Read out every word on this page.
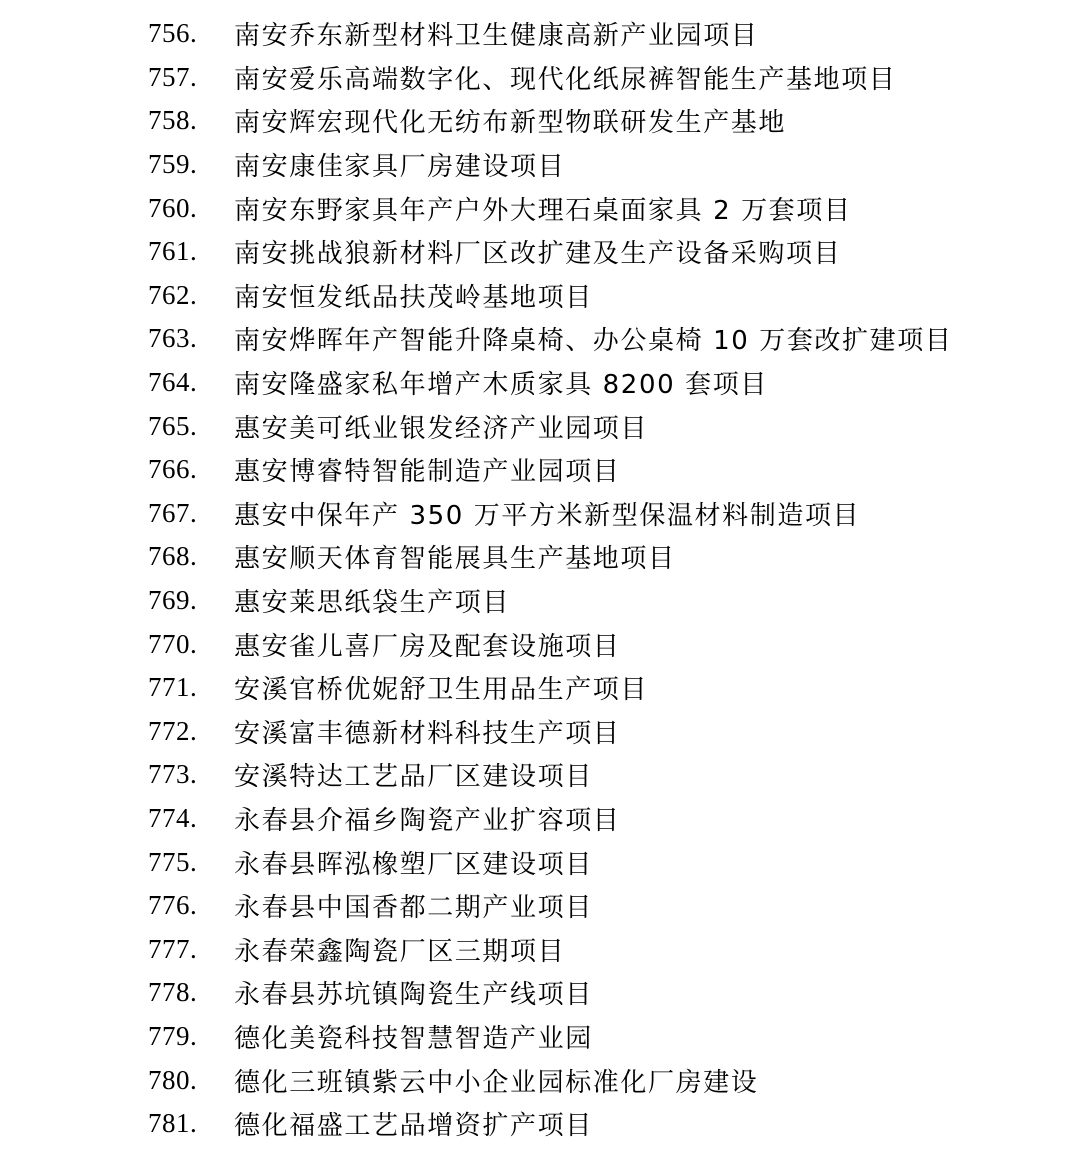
756.	南安乔东新型材料卫生健康高新产业园项目
757.	南安爱乐高端数字化、现代化纸尿裤智能生产基地项目
758.	南安辉宏现代化无纺布新型物联研发生产基地
759.	南安康佳家具厂房建设项目
760.	南安东野家具年产户外大理石桌面家具 2 万套项目
761.	南安挑战狼新材料厂区改扩建及生产设备采购项目
762.	南安恒发纸品扶茂岭基地项目
763.	南安烨晖年产智能升降桌椅、办公桌椅 10 万套改扩建项目
764.	南安隆盛家私年增产木质家具 8200 套项目
765.	惠安美可纸业银发经济产业园项目
766.	惠安博睿特智能制造产业园项目
767.	惠安中保年产 350 万平方米新型保温材料制造项目
768.	惠安顺天体育智能展具生产基地项目
769.	惠安莱思纸袋生产项目
770.	惠安雀儿喜厂房及配套设施项目
771.	安溪官桥优妮舒卫生用品生产项目
772.	安溪富丰德新材料科技生产项目
773.	安溪特达工艺品厂区建设项目
774.	永春县介福乡陶瓷产业扩容项目
775.	永春县晖泓橡塑厂区建设项目
776.	永春县中国香都二期产业项目
777.	永春荣鑫陶瓷厂区三期项目
778.	永春县苏坑镇陶瓷生产线项目
779.	德化美瓷科技智慧智造产业园
780.	德化三班镇紫云中小企业园标准化厂房建设
781.	德化福盛工艺品增资扩产项目
